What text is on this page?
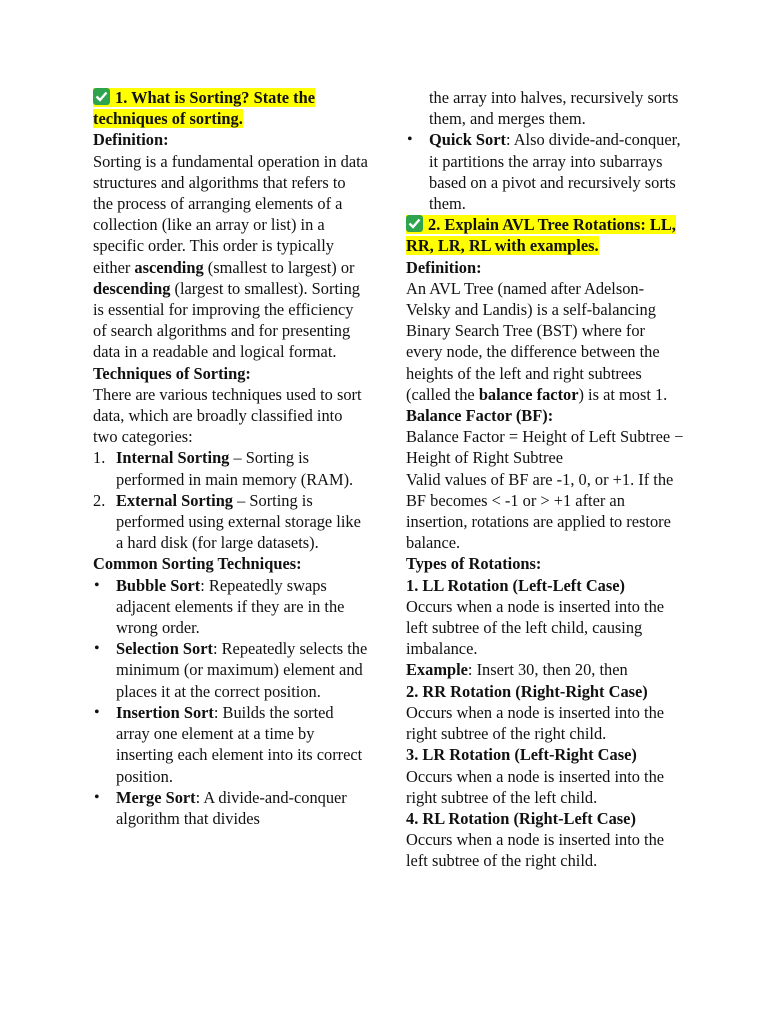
1. What is Sorting? State the techniques of sorting.

Definition:

Sorting is a fundamental operation in data structures and algorithms that refers to the process of arranging elements of a collection (like an array or list) in a specific order. This order is typically either ascending (smallest to largest) or descending (largest to smallest). Sorting is essential for improving the efficiency of search algorithms and for presenting data in a readable and logical format.

Techniques of Sorting:

There are various techniques used to sort data, which are broadly classified into two categories:

1. Internal Sorting – Sorting is performed in main memory (RAM).
2. External Sorting – Sorting is performed using external storage like a hard disk (for large datasets).

Common Sorting Techniques:

• Bubble Sort: Repeatedly swaps adjacent elements if they are in the wrong order.
• Selection Sort: Repeatedly selects the minimum (or maximum) element and places it at the correct position.
• Insertion Sort: Builds the sorted array one element at a time by inserting each element into its correct position.
• Merge Sort: A divide-and-conquer algorithm that divides

the array into halves, recursively sorts them, and merges them.

• Quick Sort: Also divide-and-conquer, it partitions the array into subarrays based on a pivot and recursively sorts them.

2. Explain AVL Tree Rotations: LL, RR, LR, RL with examples.

Definition:

An AVL Tree (named after Adelson-Velsky and Landis) is a self-balancing Binary Search Tree (BST) where for every node, the difference between the heights of the left and right subtrees (called the balance factor) is at most 1.

Balance Factor (BF):

Balance Factor = Height of Left Subtree − Height of Right Subtree

Valid values of BF are -1, 0, or +1. If the BF becomes < -1 or > +1 after an insertion, rotations are applied to restore balance.

Types of Rotations:

1. LL Rotation (Left-Left Case)

Occurs when a node is inserted into the left subtree of the left child, causing imbalance.

Example: Insert 30, then 20, then

2. RR Rotation (Right-Right Case)

Occurs when a node is inserted into the right subtree of the right child.

3. LR Rotation (Left-Right Case)

Occurs when a node is inserted into the right subtree of the left child.

4. RL Rotation (Right-Left Case)

Occurs when a node is inserted into the left subtree of the right child.
